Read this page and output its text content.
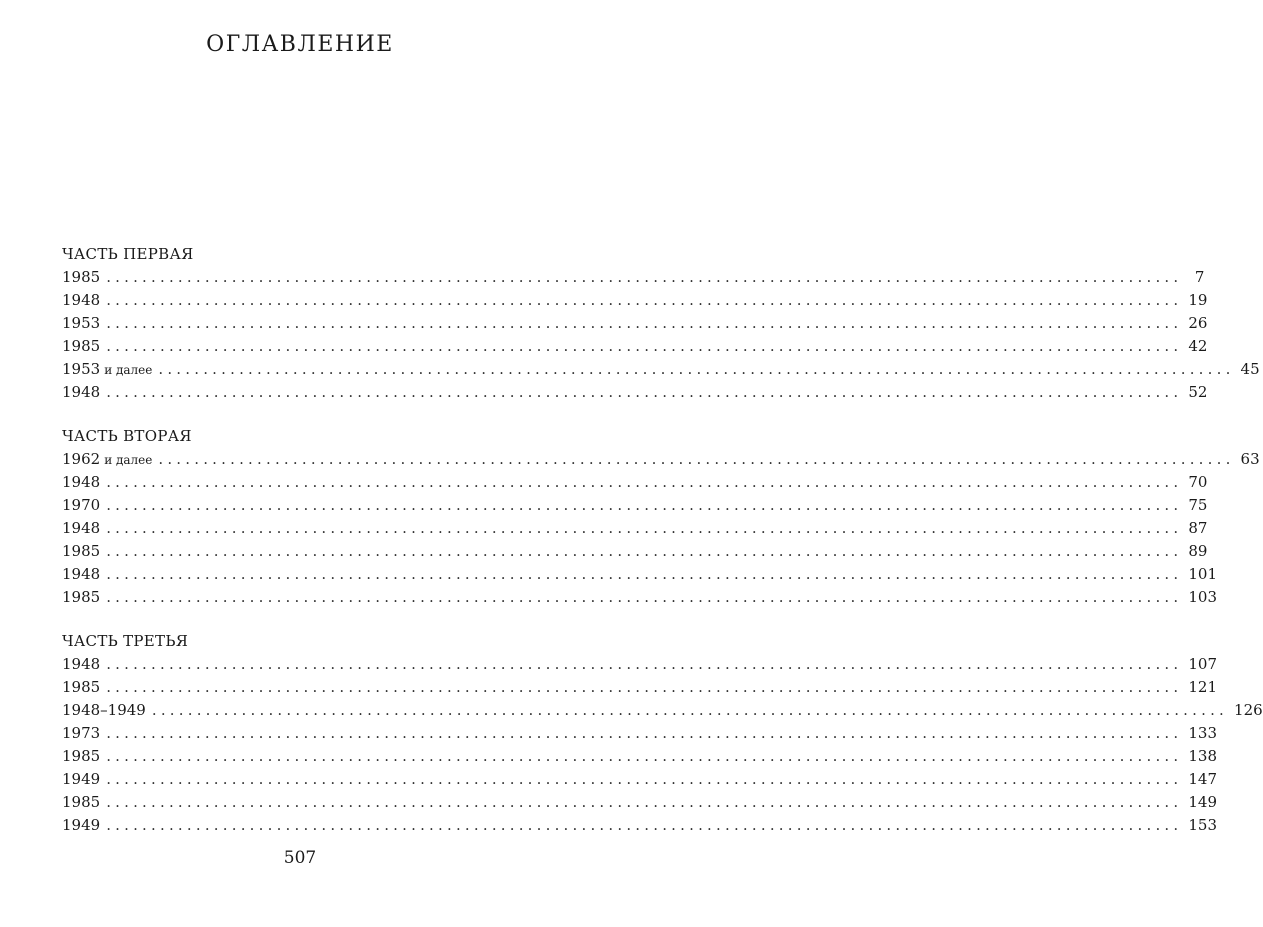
ОГЛАВЛЕНИЕ
ЧАСТЬ ПЕРВАЯ
1985 ........................................................................................................................ 7
1948 ........................................................................................................................ 19
1953 ........................................................................................................................ 26
1985 ........................................................................................................................ 42
1953 и далее ........................................................................................................................ 45
1948 ........................................................................................................................ 52
ЧАСТЬ ВТОРАЯ
1962 и далее ........................................................................................................................ 63
1948 ........................................................................................................................ 70
1970 ........................................................................................................................ 75
1948 ........................................................................................................................ 87
1985 ........................................................................................................................ 89
1948 ........................................................................................................................ 101
1985 ........................................................................................................................ 103
ЧАСТЬ ТРЕТЬЯ
1948 ........................................................................................................................ 107
1985 ........................................................................................................................ 121
1948–1949 ........................................................................................................................ 126
1973 ........................................................................................................................ 133
1985 ........................................................................................................................ 138
1949 ........................................................................................................................ 147
1985 ........................................................................................................................ 149
1949 ........................................................................................................................ 153
507
